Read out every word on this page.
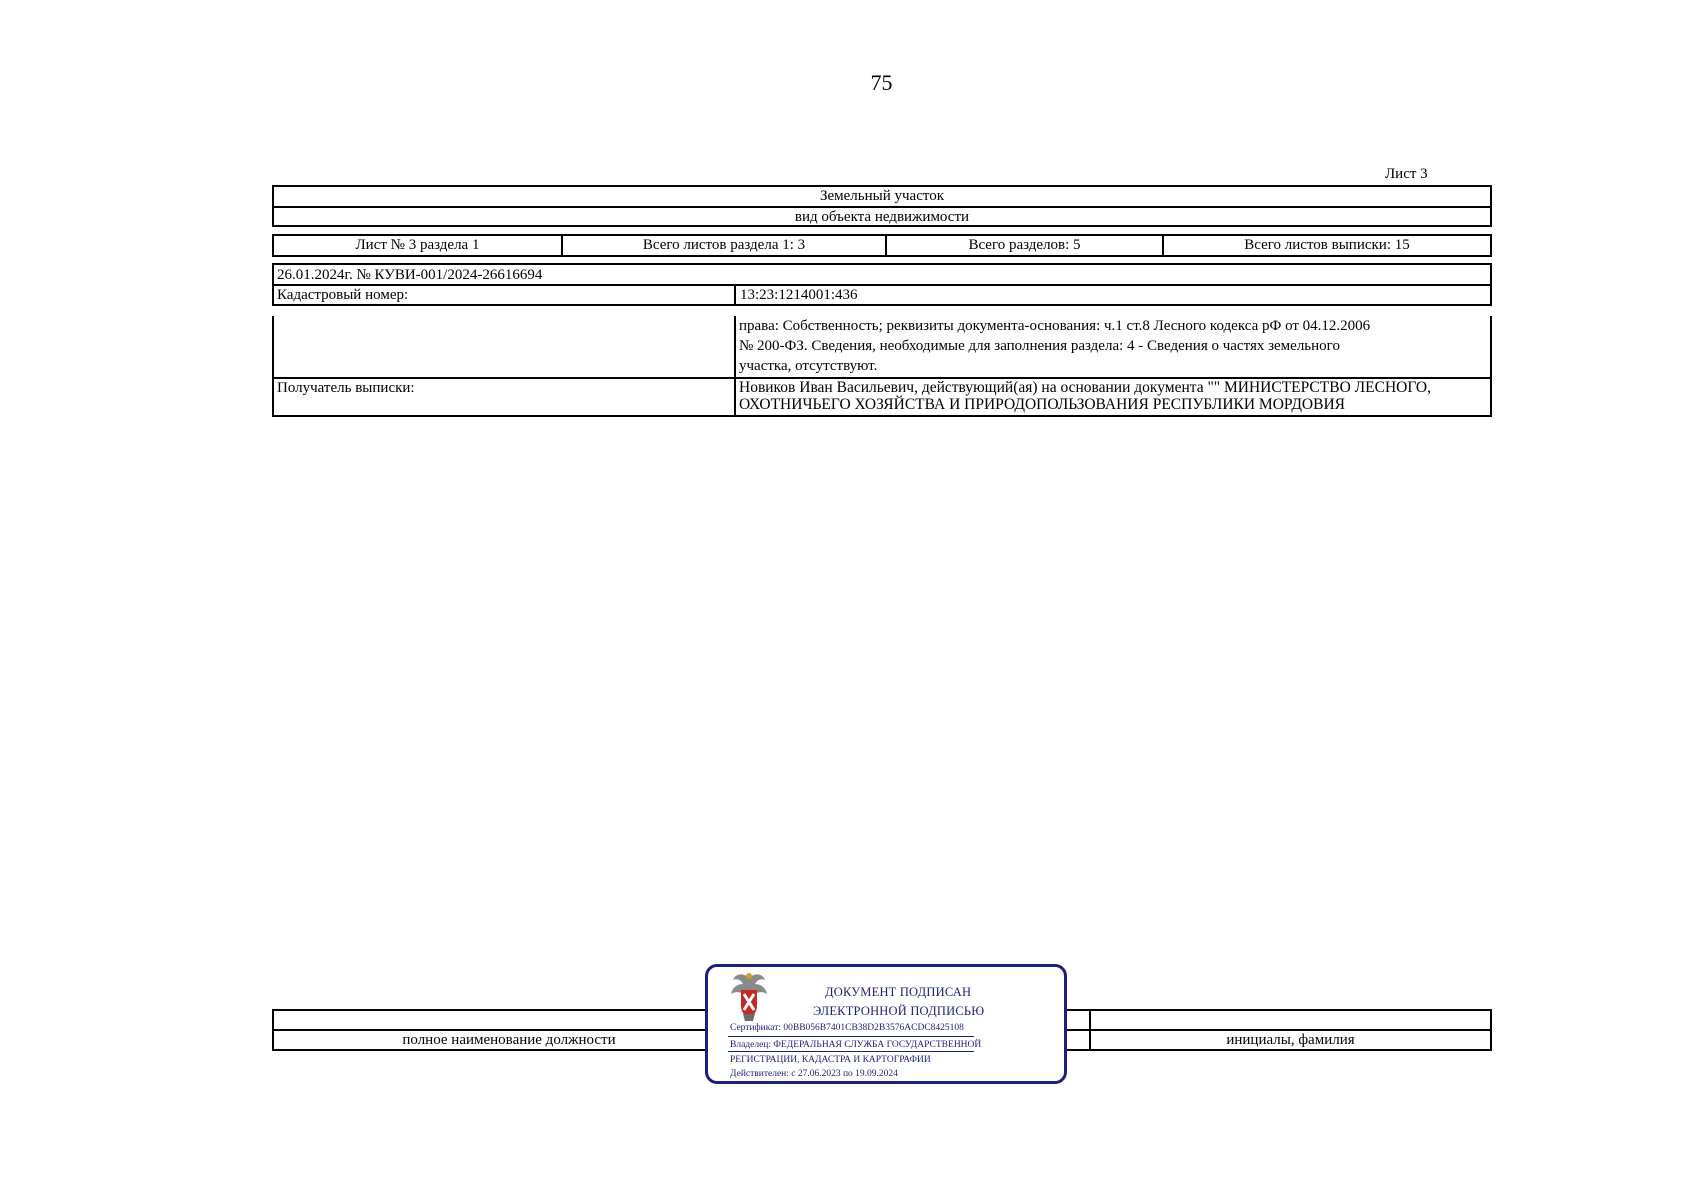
75
Лист 3
Земельный участок
вид объекта недвижимости
Лист № 3 раздела 1	Всего листов раздела 1: 3	Всего разделов: 5	Всего листов выписки: 15
26.01.2024г. № КУВИ-001/2024-26616694
Кадастровый номер:	13:23:1214001:436
права: Собственность; реквизиты документа-основания: ч.1 ст.8 Лесного кодекса рФ от 04.12.2006
№ 200-ФЗ. Сведения, необходимые для заполнения раздела: 4 - Сведения о частях земельного
участка, отсутствуют.
Получатель выписки:	Новиков Иван Васильевич, действующий(ая) на основании документа "" МИНИСТЕРСТВО ЛЕСНОГО,
ОХОТНИЧЬЕГО ХОЗЯЙСТВА И ПРИРОДОПОЛЬЗОВАНИЯ РЕСПУБЛИКИ МОРДОВИЯ
полное наименование должности	инициалы, фамилия
ДОКУМЕНТ ПОДПИСАН
ЭЛЕКТРОННОЙ ПОДПИСЬЮ
Сертификат: 00BB056B7401CB38D2B3576ACDC8425108
Владелец: ФЕДЕРАЛЬНАЯ СЛУЖБА ГОСУДАРСТВЕННОЙ
РЕГИСТРАЦИИ, КАДАСТРА И КАРТОГРАФИИ
Действителен: с 27.06.2023 по 19.09.2024
